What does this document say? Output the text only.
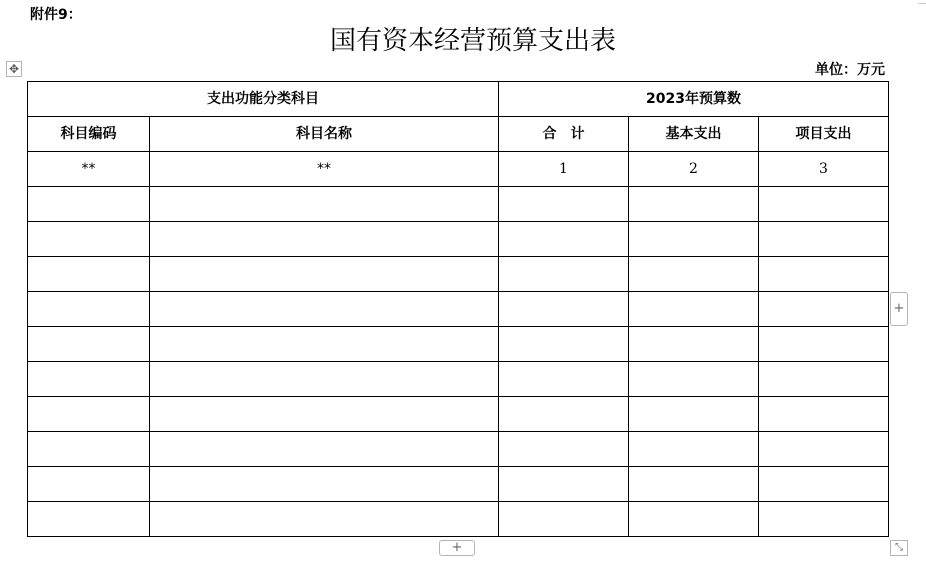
附件9：
国有资本经营预算支出表
单位：万元
✥
支出功能分类科目		2023年预算数		
科目编码	科目名称	合　计	基本支出	项目支出
**	**	1	2	3

+
+	⤡
